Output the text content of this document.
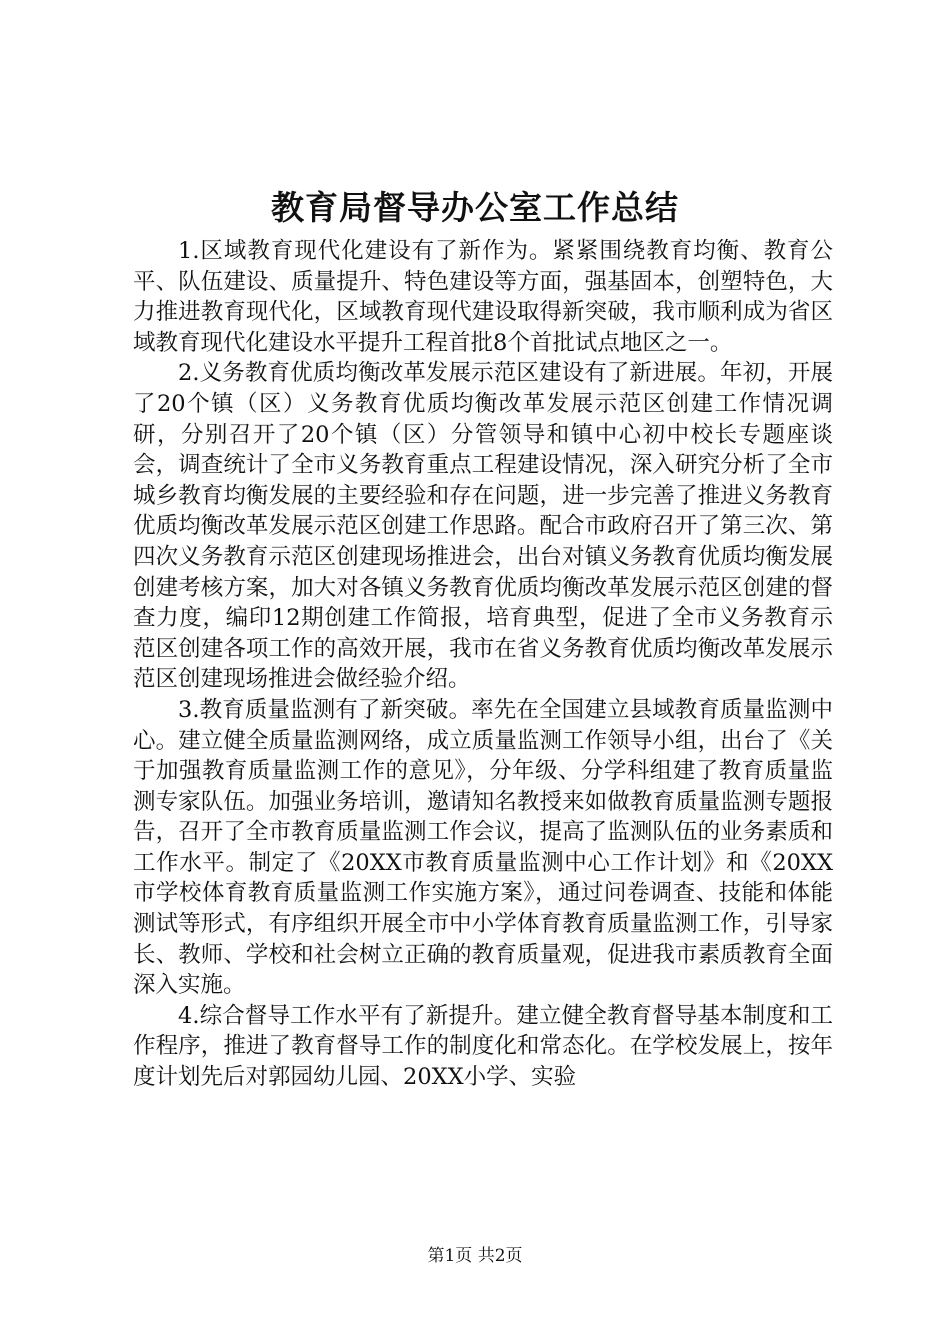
教育局督导办公室工作总结

1.区域教育现代化建设有了新作为。紧紧围绕教育均衡、教育公平、队伍建设、质量提升、特色建设等方面，强基固本，创塑特色，大力推进教育现代化，区域教育现代建设取得新突破，我市顺利成为省区域教育现代化建设水平提升工程首批8个首批试点地区之一。

2.义务教育优质均衡改革发展示范区建设有了新进展。年初，开展了20个镇（区）义务教育优质均衡改革发展示范区创建工作情况调研，分别召开了20个镇（区）分管领导和镇中心初中校长专题座谈会，调查统计了全市义务教育重点工程建设情况，深入研究分析了全市城乡教育均衡发展的主要经验和存在问题，进一步完善了推进义务教育优质均衡改革发展示范区创建工作思路。配合市政府召开了第三次、第四次义务教育示范区创建现场推进会，出台对镇义务教育优质均衡发展创建考核方案，加大对各镇义务教育优质均衡改革发展示范区创建的督查力度，编印12期创建工作简报，培育典型，促进了全市义务教育示范区创建各项工作的高效开展，我市在省义务教育优质均衡改革发展示范区创建现场推进会做经验介绍。

3.教育质量监测有了新突破。率先在全国建立县域教育质量监测中心。建立健全质量监测网络，成立质量监测工作领导小组，出台了《关于加强教育质量监测工作的意见》，分年级、分学科组建了教育质量监测专家队伍。加强业务培训，邀请知名教授来如做教育质量监测专题报告，召开了全市教育质量监测工作会议，提高了监测队伍的业务素质和工作水平。制定了《20XX市教育质量监测中心工作计划》和《20XX市学校体育教育质量监测工作实施方案》，通过问卷调查、技能和体能测试等形式，有序组织开展全市中小学体育教育质量监测工作，引导家长、教师、学校和社会树立正确的教育质量观，促进我市素质教育全面深入实施。

4.综合督导工作水平有了新提升。建立健全教育督导基本制度和工作程序，推进了教育督导工作的制度化和常态化。在学校发展上，按年度计划先后对郭园幼儿园、20XX小学、实验

第1页 共2页
